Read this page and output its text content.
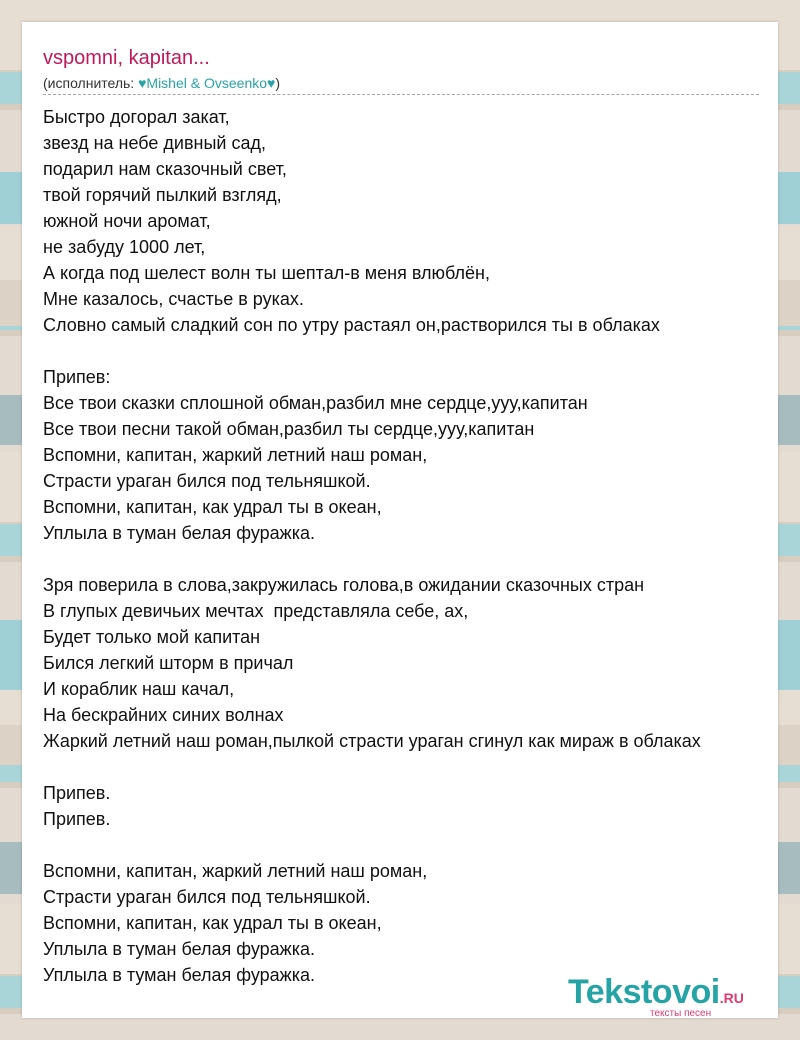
vspomni, kapitan...
(исполнитель: ♥Mishel & Ovseenko♥)
Быстро догорал закат,
звезд на небе дивный сад,
подарил нам сказочный свет,
твой горячий пылкий взгляд,
южной ночи аромат,
не забуду 1000 лет,
А когда под шелест волн ты шептал-в меня влюблён,
Мне казалось, счастье в руках.
Словно самый сладкий сон по утру растаял он,растворился ты в облаках

Припев:
Все твои сказки сплошной обман,разбил мне сердце,ууу,капитан
Все твои песни такой обман,разбил ты сердце,ууу,капитан
Вспомни, капитан, жаркий летний наш роман,
Страсти ураган бился под тельняшкой.
Вспомни, капитан, как удрал ты в океан,
Уплыла в туман белая фуражка.

Зря поверила в слова,закружилась голова,в ожидании сказочных стран
В глупых девичьих мечтах  представляла себе, ах,
Будет только мой капитан
Бился легкий шторм в причал
И кораблик наш качал,
На бескрайних синих волнах
Жаркий летний наш роман,пылкой страсти ураган сгинул как мираж в облаках

Припев.
Припев.

Вспомни, капитан, жаркий летний наш роман,
Страсти ураган бился под тельняшкой.
Вспомни, капитан, как удрал ты в океан,
Уплыла в туман белая фуражка.
Уплыла в туман белая фуражка.	Tekstovoi.RU
тексты песен
